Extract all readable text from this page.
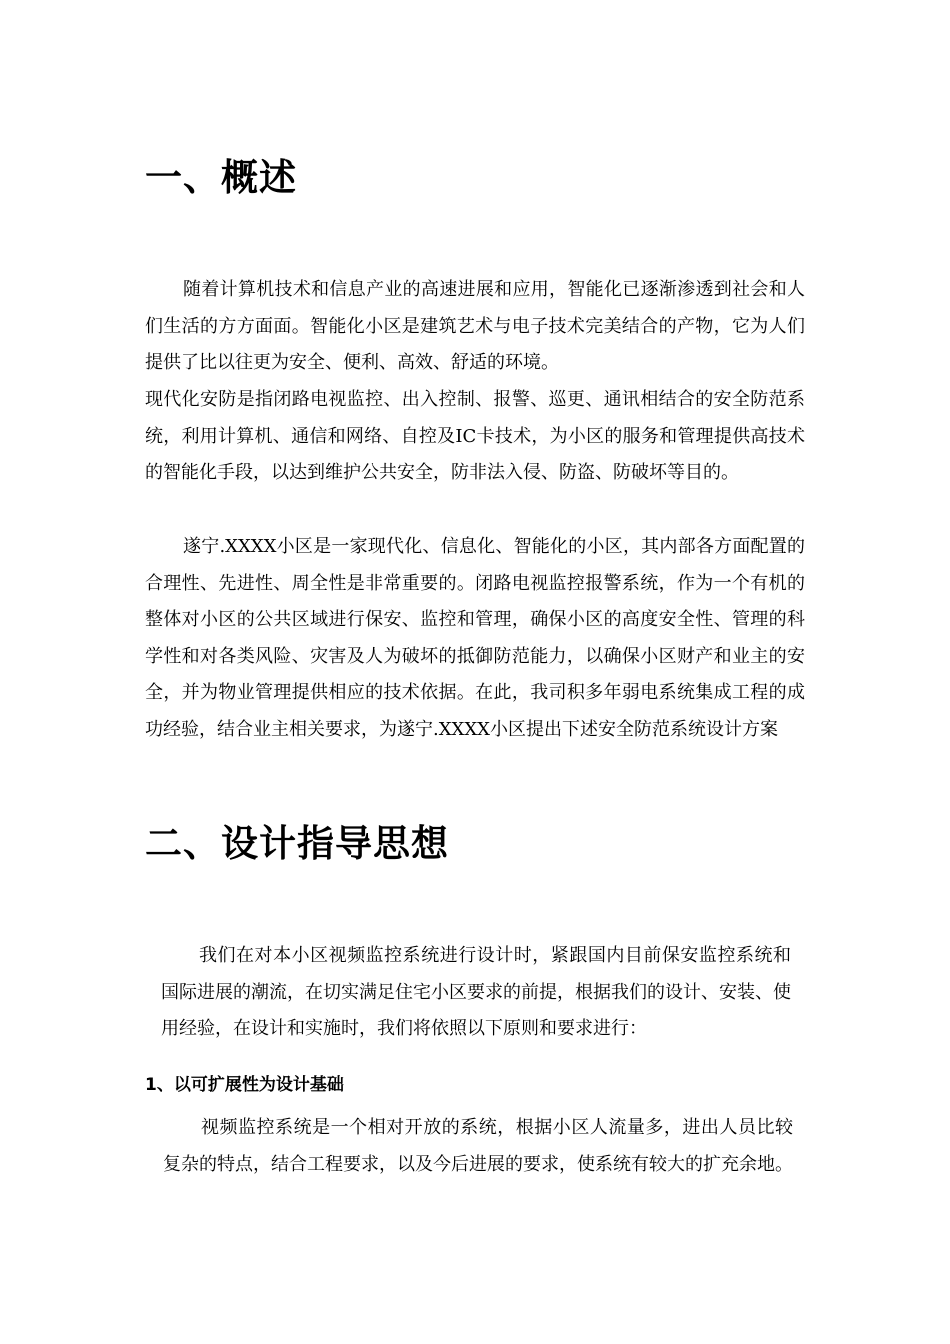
一、概述

随着计算机技术和信息产业的高速进展和应用，智能化已逐渐渗透到社会和人们生活的方方面面。智能化小区是建筑艺术与电子技术完美结合的产物，它为人们提供了比以往更为安全、便利、高效、舒适的环境。

现代化安防是指闭路电视监控、出入控制、报警、巡更、通讯相结合的安全防范系统，利用计算机、通信和网络、自控及IC卡技术，为小区的服务和管理提供高技术的智能化手段，以达到维护公共安全，防非法入侵、防盗、防破坏等目的。

遂宁.XXXX小区是一家现代化、信息化、智能化的小区，其内部各方面配置的合理性、先进性、周全性是非常重要的。闭路电视监控报警系统，作为一个有机的整体对小区的公共区域进行保安、监控和管理，确保小区的高度安全性、管理的科学性和对各类风险、灾害及人为破坏的抵御防范能力，以确保小区财产和业主的安全，并为物业管理提供相应的技术依据。在此，我司积多年弱电系统集成工程的成功经验，结合业主相关要求，为遂宁.XXXX小区提出下述安全防范系统设计方案

二、设计指导思想

我们在对本小区视频监控系统进行设计时，紧跟国内目前保安监控系统和国际进展的潮流，在切实满足住宅小区要求的前提，根据我们的设计、安装、使用经验，在设计和实施时，我们将依照以下原则和要求进行：

1、以可扩展性为设计基础

视频监控系统是一个相对开放的系统，根据小区人流量多，进出人员比较复杂的特点，结合工程要求，以及今后进展的要求，使系统有较大的扩充余地。
